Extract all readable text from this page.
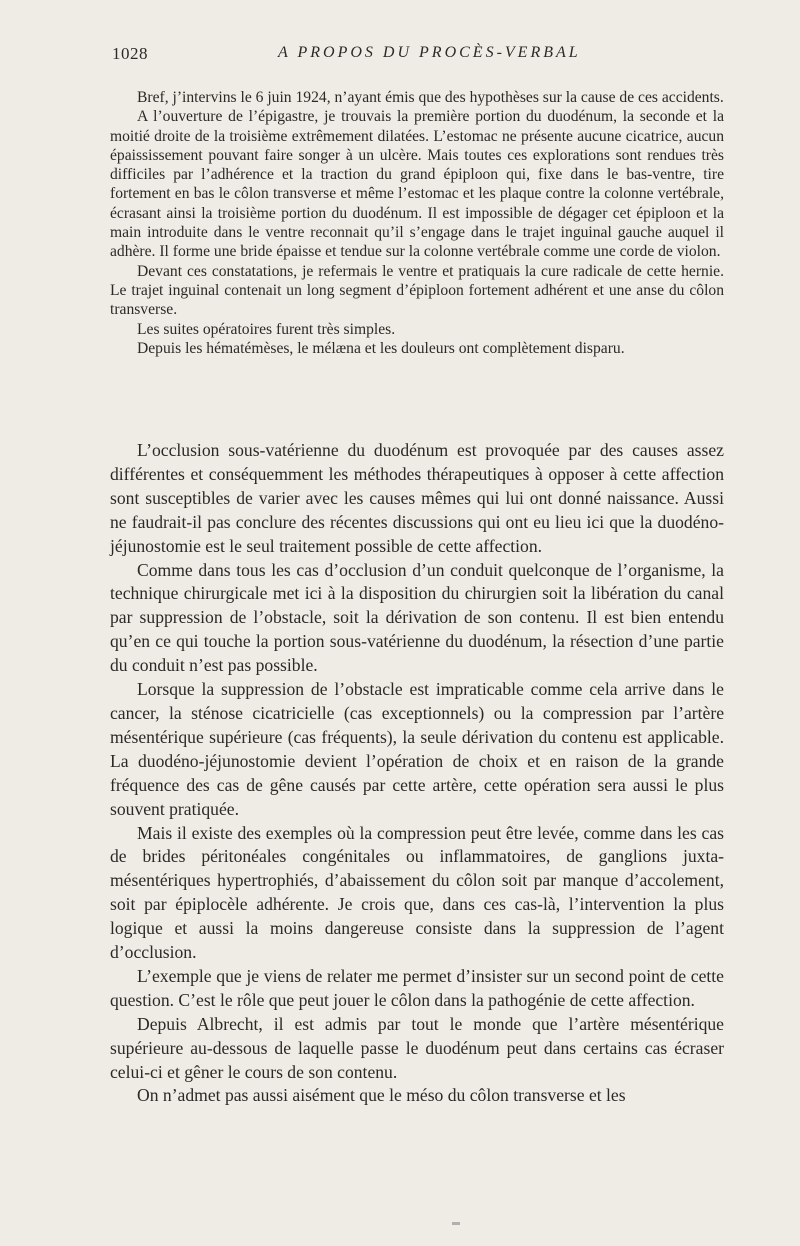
1028	A PROPOS DU PROCÈS-VERBAL

Bref, j’intervins le 6 juin 1924, n’ayant émis que des hypothèses sur la cause de ces accidents.

A l’ouverture de l’épigastre, je trouvais la première portion du duodénum, la seconde et la moitié droite de la troisième extrêmement dilatées. L’estomac ne présente aucune cicatrice, aucun épaississement pouvant faire songer à un ulcère. Mais toutes ces explorations sont rendues très difficiles par l’adhérence et la traction du grand épiploon qui, fixe dans le bas-ventre, tire fortement en bas le côlon transverse et même l’estomac et les plaque contre la colonne vertébrale, écrasant ainsi la troisième portion du duodénum. Il est impossible de dégager cet épiploon et la main introduite dans le ventre reconnait qu’il s’engage dans le trajet inguinal gauche auquel il adhère. Il forme une bride épaisse et tendue sur la colonne vertébrale comme une corde de violon.

Devant ces constatations, je refermais le ventre et pratiquais la cure radicale de cette hernie. Le trajet inguinal contenait un long segment d’épiploon fortement adhérent et une anse du côlon transverse.

Les suites opératoires furent très simples.

Depuis les hématémèses, le mélæna et les douleurs ont complètement disparu.

L’occlusion sous-vatérienne du duodénum est provoquée par des causes assez différentes et conséquemment les méthodes thérapeutiques à opposer à cette affection sont susceptibles de varier avec les causes mêmes qui lui ont donné naissance. Aussi ne faudrait-il pas conclure des récentes discussions qui ont eu lieu ici que la duodéno-jéjunostomie est le seul traitement possible de cette affection.

Comme dans tous les cas d’occlusion d’un conduit quelconque de l’organisme, la technique chirurgicale met ici à la disposition du chirurgien soit la libération du canal par suppression de l’obstacle, soit la dérivation de son contenu. Il est bien entendu qu’en ce qui touche la portion sous-vatérienne du duodénum, la résection d’une partie du conduit n’est pas possible.

Lorsque la suppression de l’obstacle est impraticable comme cela arrive dans le cancer, la sténose cicatricielle (cas exceptionnels) ou la compression par l’artère mésentérique supérieure (cas fréquents), la seule dérivation du contenu est applicable. La duodéno-jéjunostomie devient l’opération de choix et en raison de la grande fréquence des cas de gêne causés par cette artère, cette opération sera aussi le plus souvent pratiquée.

Mais il existe des exemples où la compression peut être levée, comme dans les cas de brides péritonéales congénitales ou inflammatoires, de ganglions juxta-mésentériques hypertrophiés, d’abaissement du côlon soit par manque d’accolement, soit par épiplocèle adhérente. Je crois que, dans ces cas-là, l’intervention la plus logique et aussi la moins dangereuse consiste dans la suppression de l’agent d’occlusion.

L’exemple que je viens de relater me permet d’insister sur un second point de cette question. C’est le rôle que peut jouer le côlon dans la pathogénie de cette affection.

Depuis Albrecht, il est admis par tout le monde que l’artère mésentérique supérieure au-dessous de laquelle passe le duodénum peut dans certains cas écraser celui-ci et gêner le cours de son contenu.

On n’admet pas aussi aisément que le méso du côlon transverse et les
